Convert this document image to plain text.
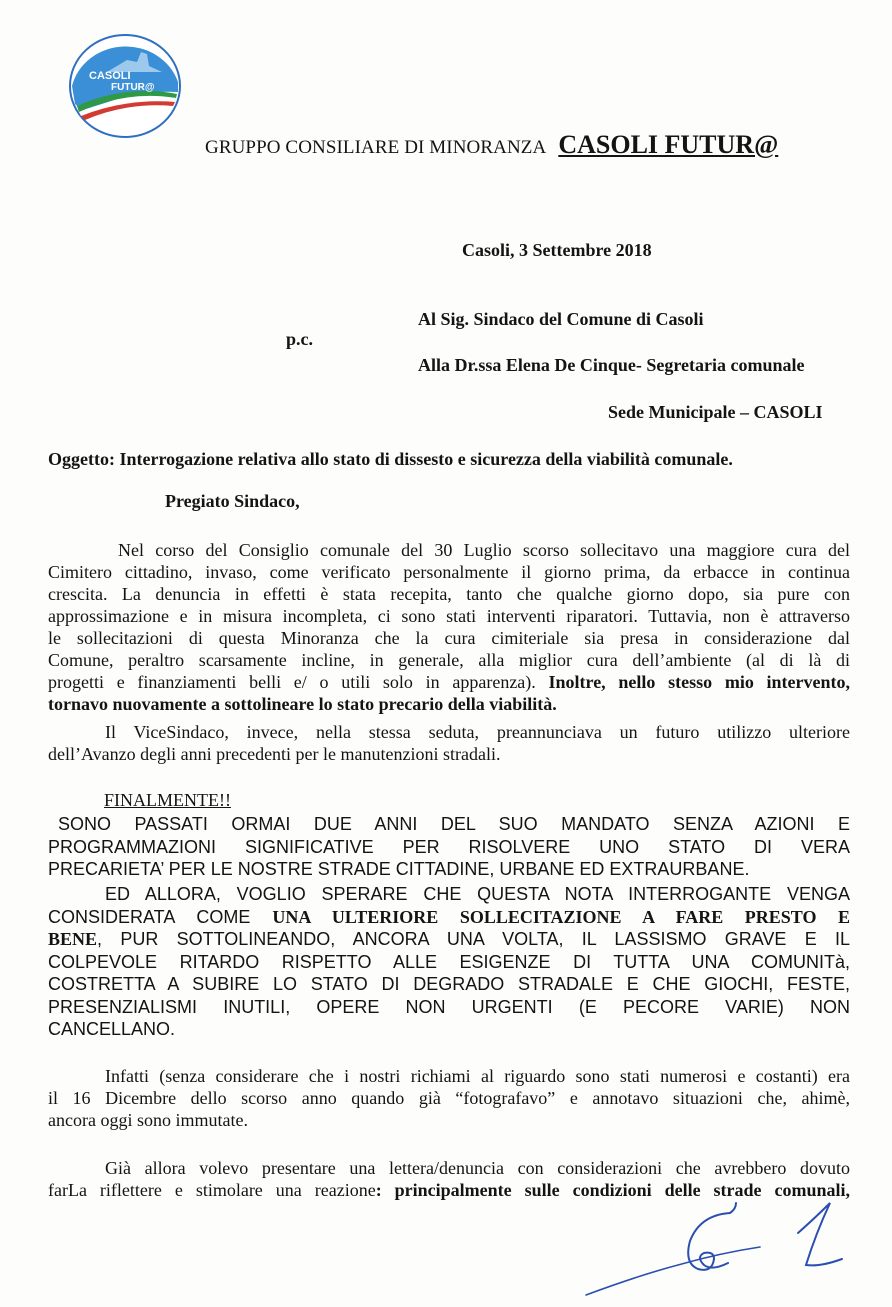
CASOLI
FUTUR@
GRUPPO CONSILIARE DI MINORANZA CASOLI FUTUR@
Casoli, 3 Settembre 2018
Al Sig. Sindaco del Comune di Casoli
p.c.
Alla Dr.ssa Elena De Cinque- Segretaria comunale
Sede Municipale – CASOLI
Oggetto: Interrogazione relativa allo stato di dissesto e sicurezza della viabilità comunale.
Pregiato Sindaco,
Nel corso del Consiglio comunale del 30 Luglio scorso sollecitavo una maggiore cura del
Cimitero cittadino, invaso, come verificato personalmente il giorno prima, da erbacce in continua
crescita. La denuncia in effetti è stata recepita, tanto che qualche giorno dopo, sia pure con
approssimazione e in misura incompleta, ci sono stati interventi riparatori. Tuttavia, non è attraverso
le sollecitazioni di questa Minoranza che la cura cimiteriale sia presa in considerazione dal
Comune, peraltro scarsamente incline, in generale, alla miglior cura dell’ambiente (al di là di
progetti e finanziamenti belli e/ o utili solo in apparenza). Inoltre, nello stesso mio intervento,
tornavo nuovamente a sottolineare lo stato precario della viabilità.
Il ViceSindaco, invece, nella stessa seduta, preannunciava un futuro utilizzo ulteriore
dell’Avanzo degli anni precedenti per le manutenzioni stradali.
FINALMENTE!!
SONO PASSATI ORMAI DUE ANNI DEL SUO MANDATO SENZA AZIONI E
PROGRAMMAZIONI SIGNIFICATIVE PER RISOLVERE UNO STATO DI VERA
PRECARIETA’ PER LE NOSTRE STRADE CITTADINE, URBANE ED EXTRAURBANE.
ED ALLORA, VOGLIO SPERARE CHE QUESTA NOTA INTERROGANTE VENGA
CONSIDERATA COME UNA ULTERIORE SOLLECITAZIONE A FARE PRESTO E
BENE, PUR SOTTOLINEANDO, ANCORA UNA VOLTA, IL LASSISMO GRAVE E IL
COLPEVOLE RITARDO RISPETTO ALLE ESIGENZE DI TUTTA UNA COMUNITà,
COSTRETTA A SUBIRE LO STATO DI DEGRADO STRADALE E CHE GIOCHI, FESTE,
PRESENZIALISMI INUTILI, OPERE NON URGENTI (E PECORE VARIE) NON
CANCELLANO.
Infatti (senza considerare che i nostri richiami al riguardo sono stati numerosi e costanti) era
il 16 Dicembre dello scorso anno quando già “fotografavo” e annotavo situazioni che, ahimè,
ancora oggi sono immutate.
Già allora volevo presentare una lettera/denuncia con considerazioni che avrebbero dovuto
farLa riflettere e stimolare una reazione: principalmente sulle condizioni delle strade comunali,
